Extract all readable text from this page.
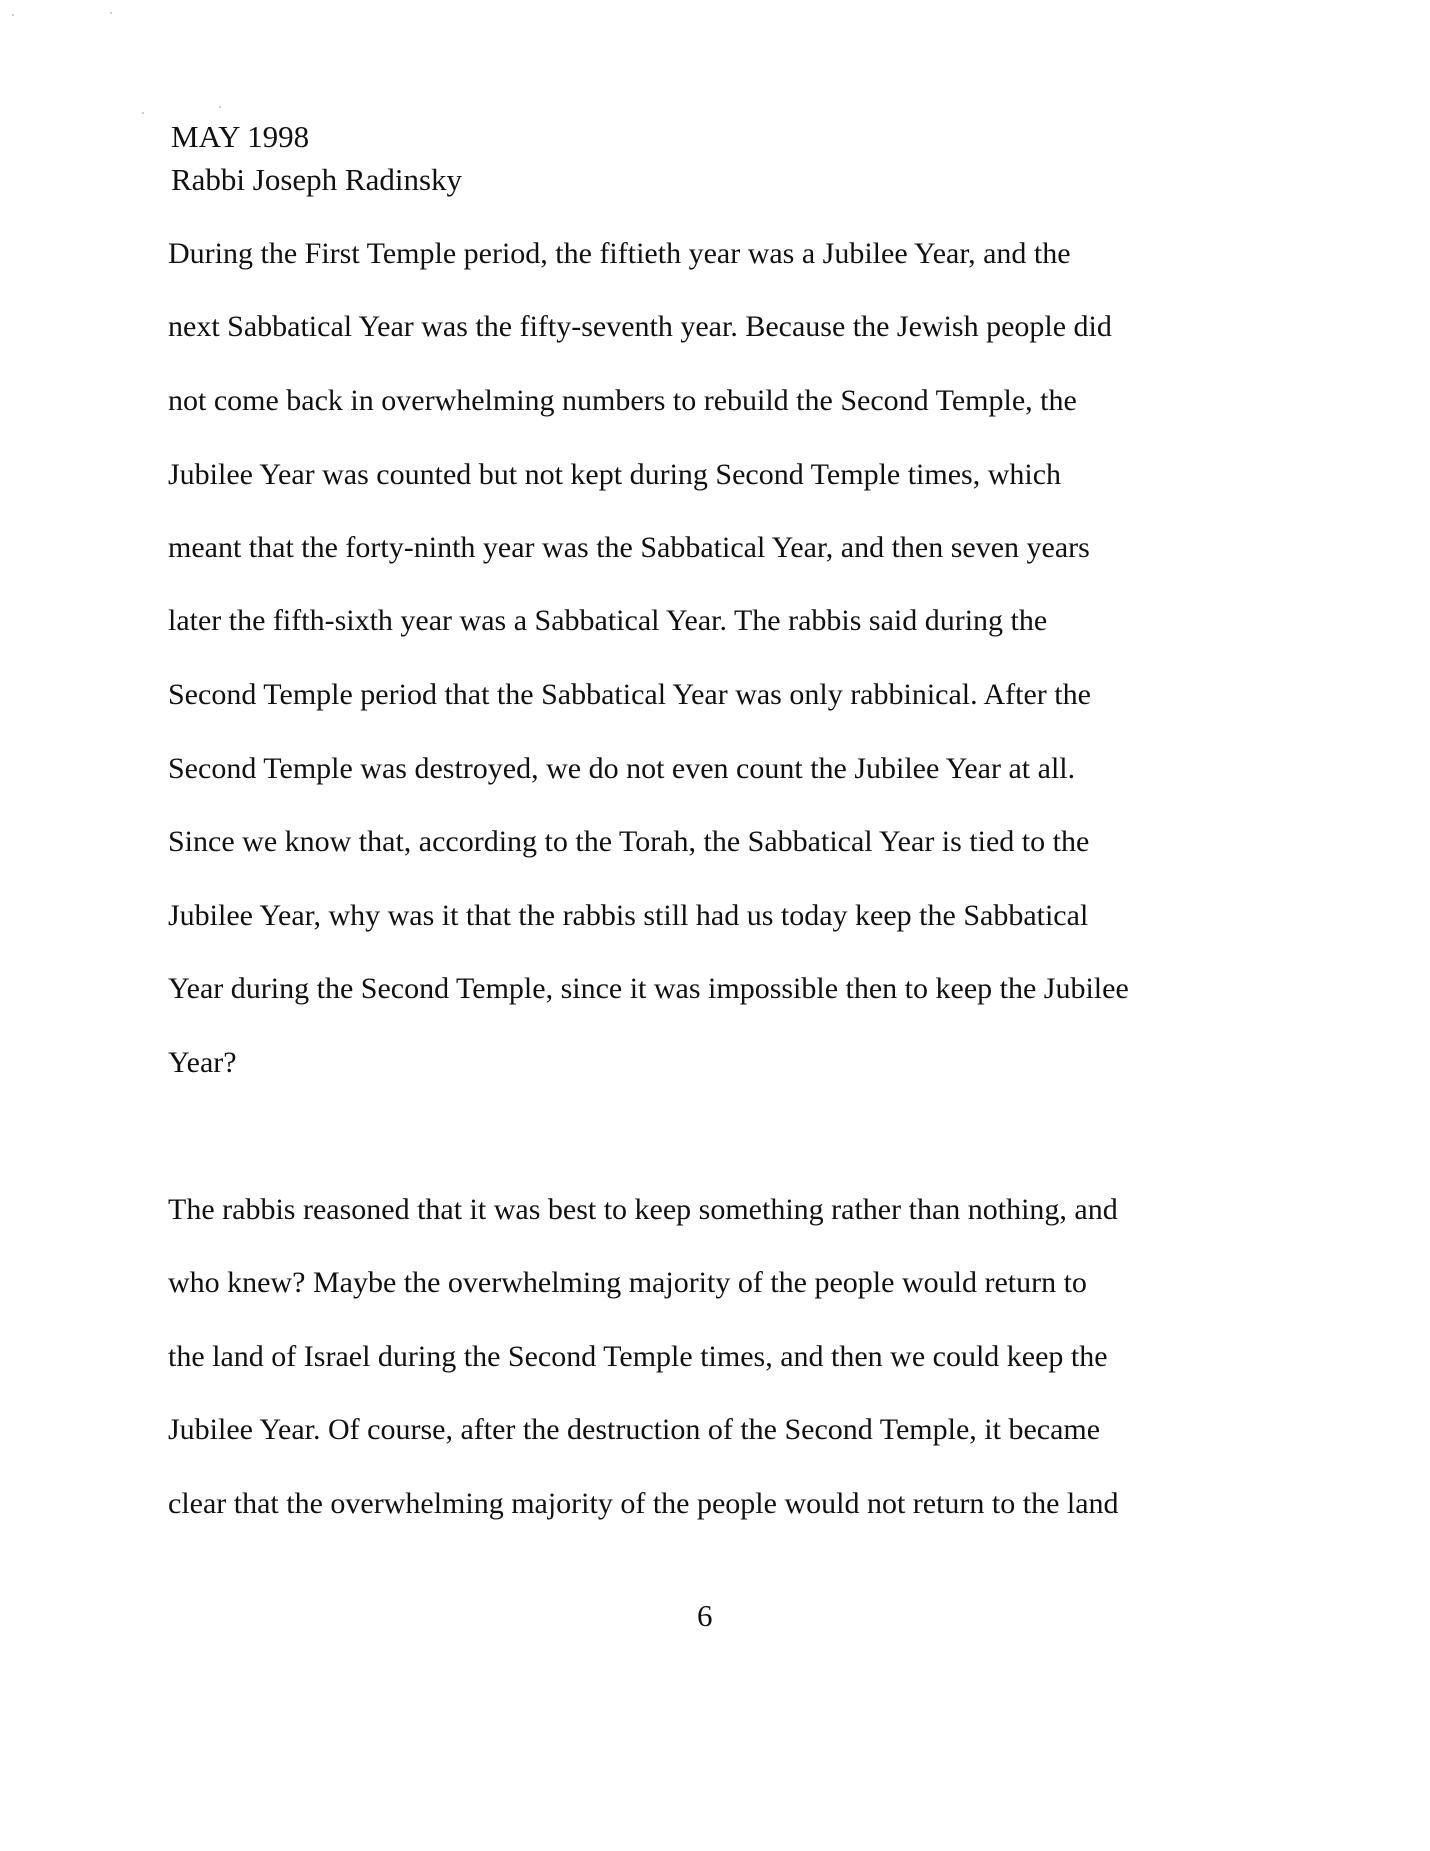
MAY 1998
Rabbi Joseph Radinsky
During the First Temple period, the fiftieth year was a Jubilee Year, and the
next Sabbatical Year was the fifty-seventh year. Because the Jewish people did
not come back in overwhelming numbers to rebuild the Second Temple, the
Jubilee Year was counted but not kept during Second Temple times, which
meant that the forty-ninth year was the Sabbatical Year, and then seven years
later the fifth-sixth year was a Sabbatical Year. The rabbis said during the
Second Temple period that the Sabbatical Year was only rabbinical. After the
Second Temple was destroyed, we do not even count the Jubilee Year at all.
Since we know that, according to the Torah, the Sabbatical Year is tied to the
Jubilee Year, why was it that the rabbis still had us today keep the Sabbatical
Year during the Second Temple, since it was impossible then to keep the Jubilee
Year?
The rabbis reasoned that it was best to keep something rather than nothing, and
who knew? Maybe the overwhelming majority of the people would return to
the land of Israel during the Second Temple times, and then we could keep the
Jubilee Year. Of course, after the destruction of the Second Temple, it became
clear that the overwhelming majority of the people would not return to the land
6
